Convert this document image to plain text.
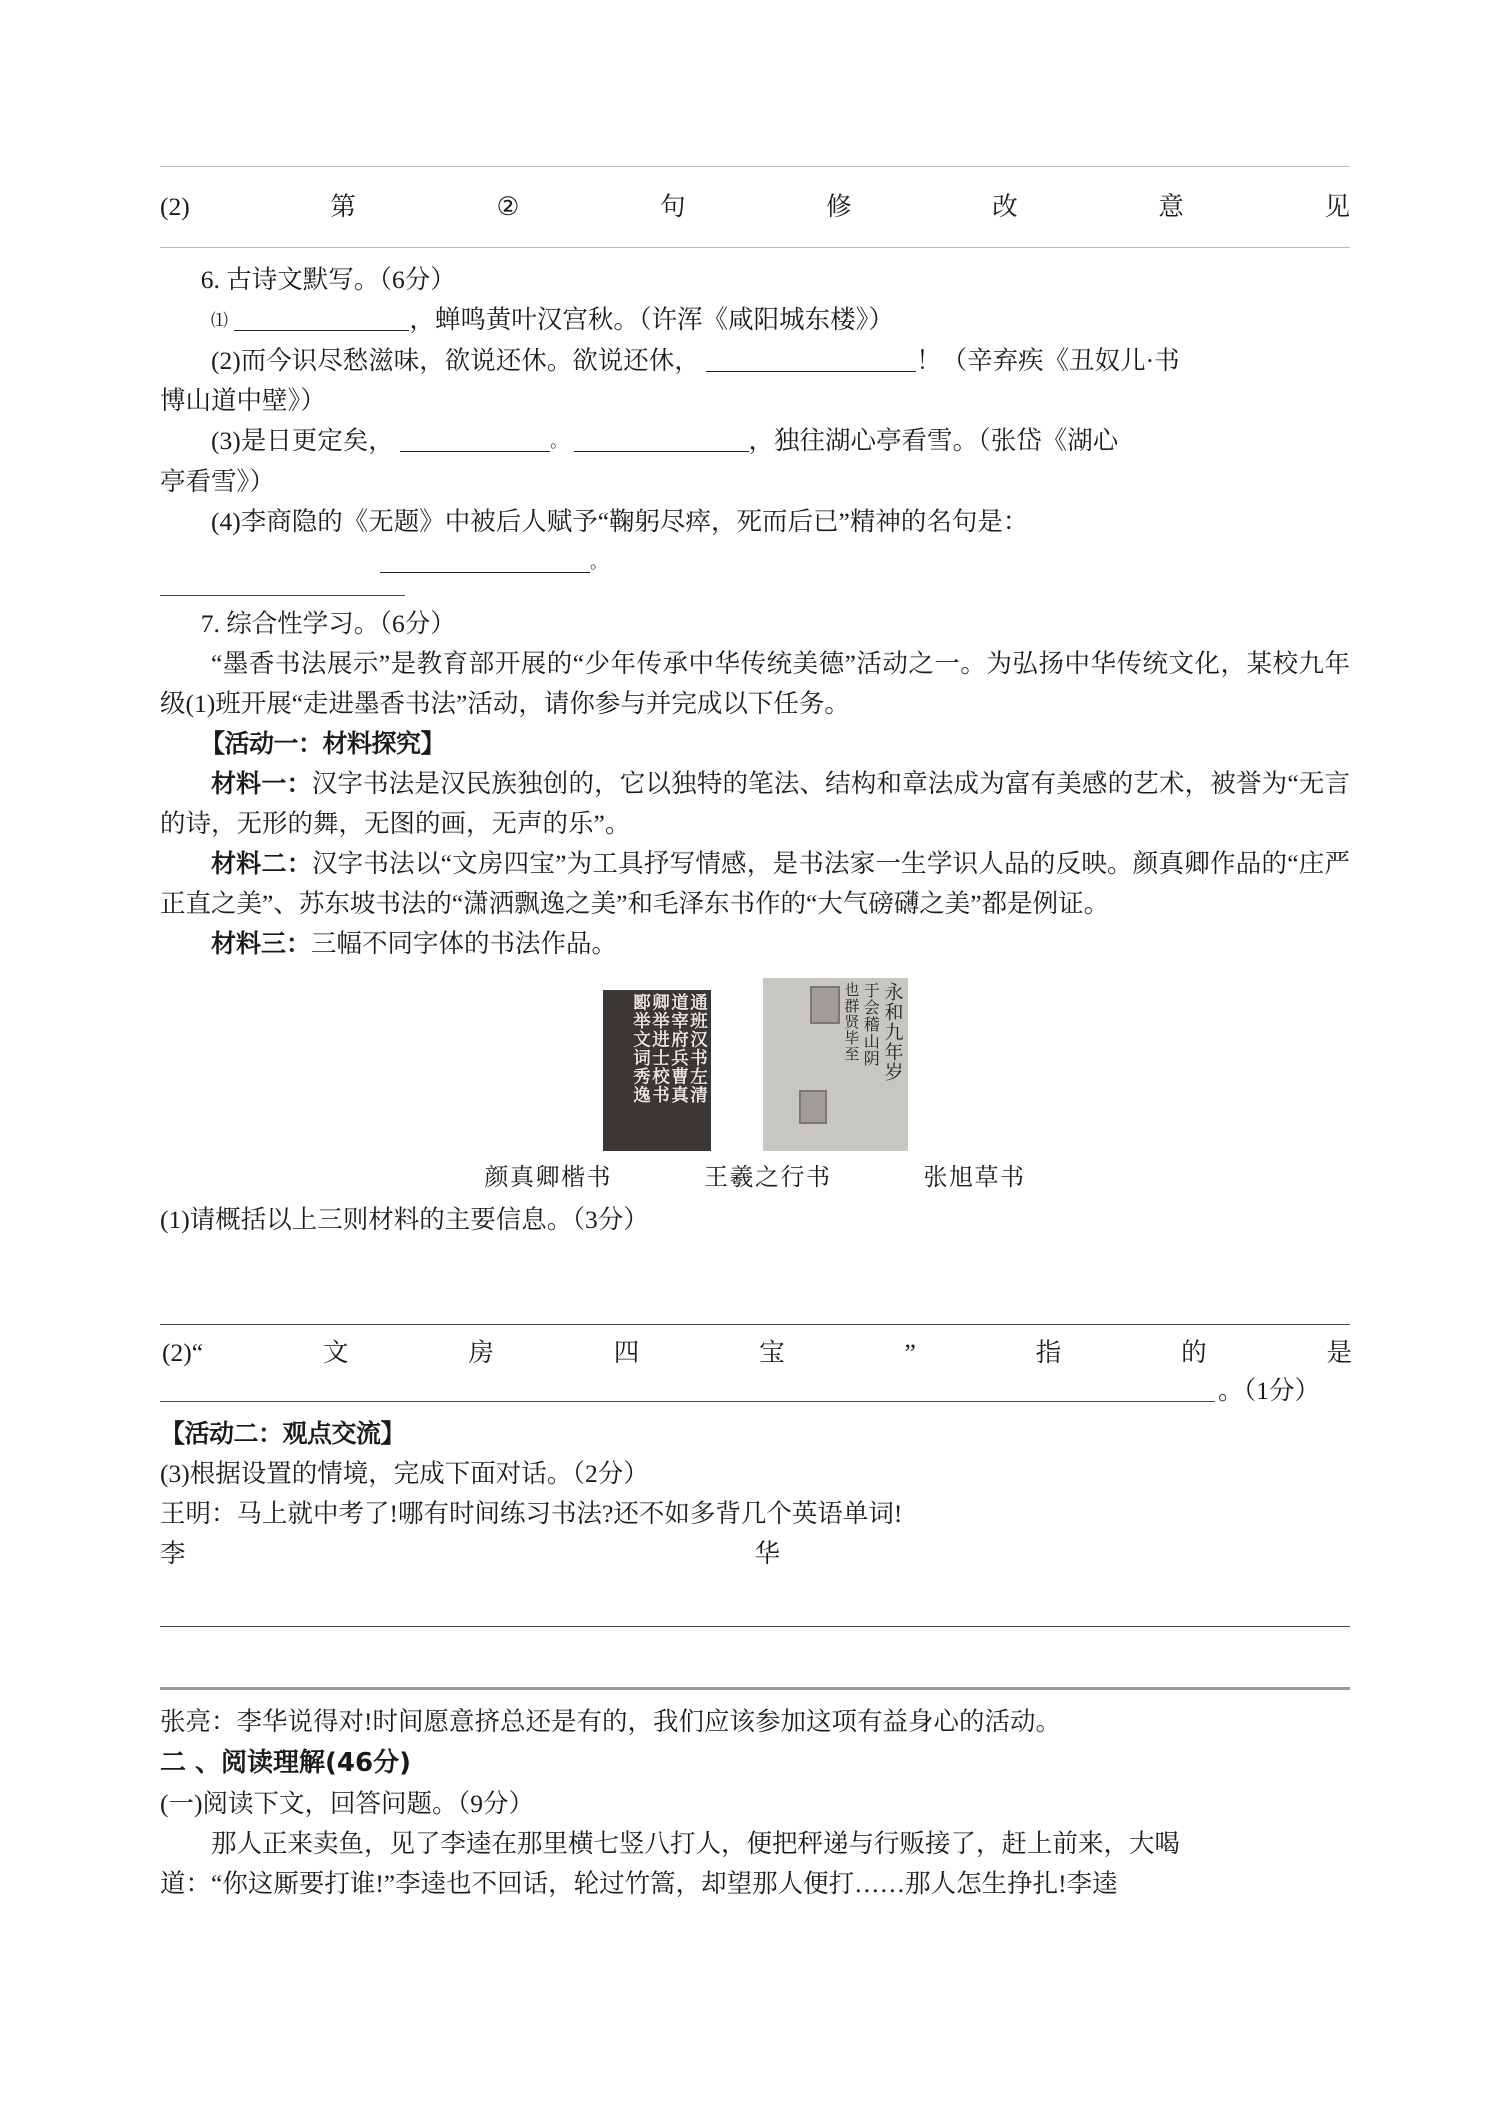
(2)	第	②	句	修	改	意	见
6. 古诗文默写。（6分）
⑴	，蝉鸣黄叶汉宫秋。（许浑《咸阳城东楼》）
(2)而今识尽愁滋味，欲说还休。欲说还休，	！（辛弃疾《丑奴儿·书
博山道中壁》）
(3)是日更定矣，	。	，独往湖心亭看雪。（张岱《湖心
亭看雪》）
(4)李商隐的《无题》中被后人赋予“鞠躬尽瘁，死而后已”精神的名句是：
。
7. 综合性学习。（6分）
“墨香书法展示”是教育部开展的“少年传承中华传统美德”活动之一。为弘扬中华传统文化，某校九年级(1)班开展“走进墨香书法”活动，请你参与并完成以下任务。
【活动一：材料探究】
材料一：汉字书法是汉民族独创的，它以独特的笔法、结构和章法成为富有美感的艺术，被誉为“无言的诗，无形的舞，无图的画，无声的乐”。
材料二：汉字书法以“文房四宝”为工具抒写情感，是书法家一生学识人品的反映。颜真卿作品的“庄严正直之美”、苏东坡书法的“潇洒飘逸之美”和毛泽东书作的“大气磅礴之美”都是例证。
材料三：三幅不同字体的书法作品。
通班汉书左清
道宰府兵曹真
卿举进士校书
郾举文词秀逸	永和九年岁
于会稽山阴
也群贤毕至
颜真卿楷书	王羲之行书	张旭草书
(1)请概括以上三则材料的主要信息。（3分）
(2)“	文	房	四	宝	”	指	的	是
。（1分）
【活动二：观点交流】
(3)根据设置的情境，完成下面对话。（2分）
王明：马上就中考了!哪有时间练习书法?还不如多背几个英语单词!
李	华
张亮：李华说得对!时间愿意挤总还是有的，我们应该参加这项有益身心的活动。
二 、阅读理解(46分)
(一)阅读下文，回答问题。（9分）
那人正来卖鱼，见了李逵在那里横七竖八打人，便把秤递与行贩接了，赶上前来，大喝
道：“你这厮要打谁!”李逵也不回话，轮过竹篙，却望那人便打……那人怎生挣扎!李逵
